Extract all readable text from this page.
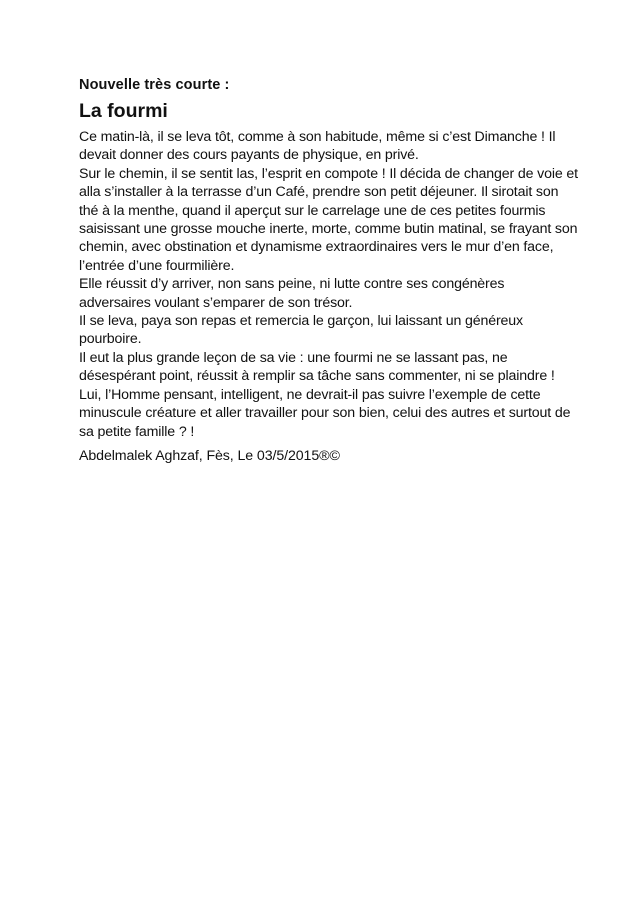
Nouvelle très courte :
La fourmi

Ce matin-là, il se leva tôt, comme à son habitude, même si c’est Dimanche ! Il devait donner des cours payants de physique, en privé.

Sur le chemin, il se sentit las, l’esprit en compote ! Il décida de changer de voie et alla s’installer à la terrasse d’un Café, prendre son petit déjeuner. Il sirotait son thé à la menthe, quand il aperçut sur le carrelage une de ces petites fourmis saisissant une grosse mouche inerte, morte, comme butin matinal, se frayant son chemin, avec obstination et dynamisme extraordinaires vers le mur d’en face, l’entrée d’une fourmilière.

Elle réussit d’y arriver, non sans peine, ni lutte contre ses congénères adversaires voulant s’emparer de son trésor.

Il se leva, paya son repas et remercia le garçon, lui laissant un généreux pourboire.

Il eut la plus grande leçon de sa vie : une fourmi ne se lassant pas, ne désespérant point, réussit à remplir sa tâche sans commenter, ni se plaindre !

Lui, l’Homme pensant, intelligent, ne devrait-il pas suivre l’exemple de cette minuscule créature et aller travailler pour son bien, celui des autres et surtout de sa petite famille ? !

Abdelmalek Aghzaf, Fès, Le 03/5/2015®©
